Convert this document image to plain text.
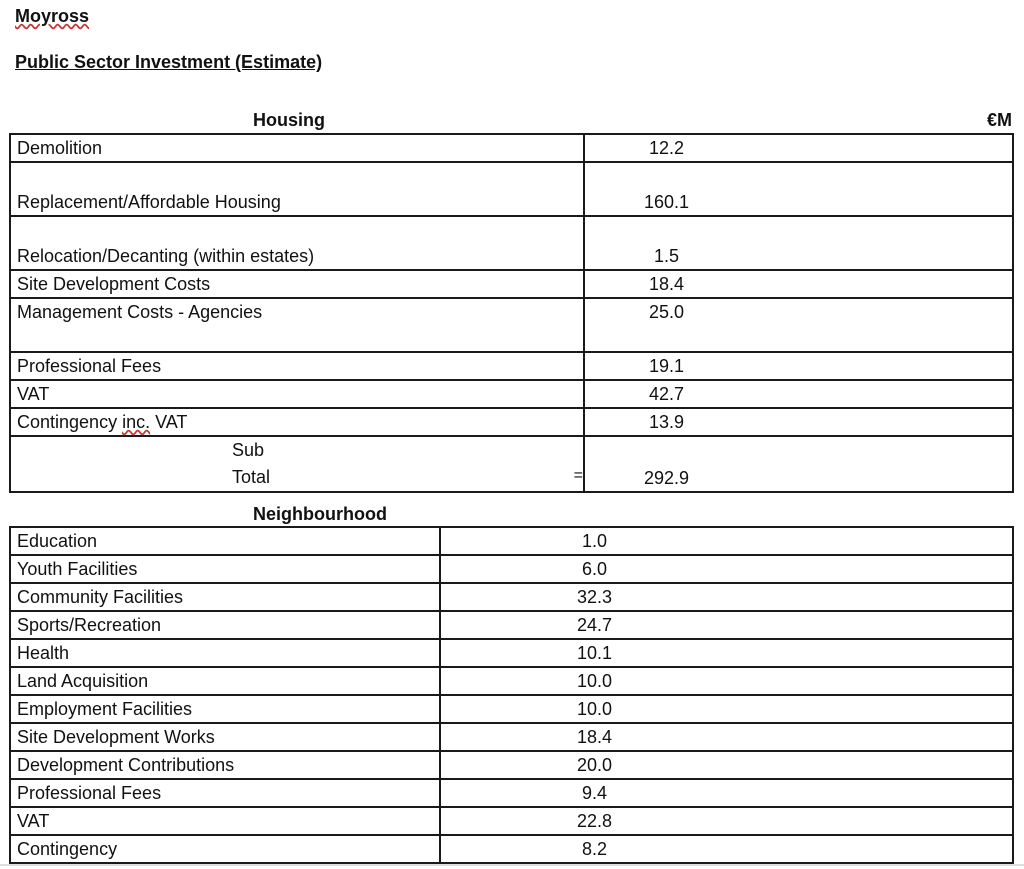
Moyross
Public Sector Investment (Estimate)
Housing	€M
Demolition	12.2
Replacement/Affordable Housing	160.1
Relocation/Decanting (within estates)	1.5
Site Development Costs	18.4
Management Costs - Agencies	25.0
Professional Fees	19.1
VAT	42.7
Contingency inc. VAT	13.9

Sub
Total =	292.9
Neighbourhood
Education	1.0
Youth Facilities	6.0
Community Facilities	32.3
Sports/Recreation	24.7
Health	10.1
Land Acquisition	10.0
Employment Facilities	10.0
Site Development Works	18.4
Development Contributions	20.0
Professional Fees	9.4
VAT	22.8
Contingency	8.2
